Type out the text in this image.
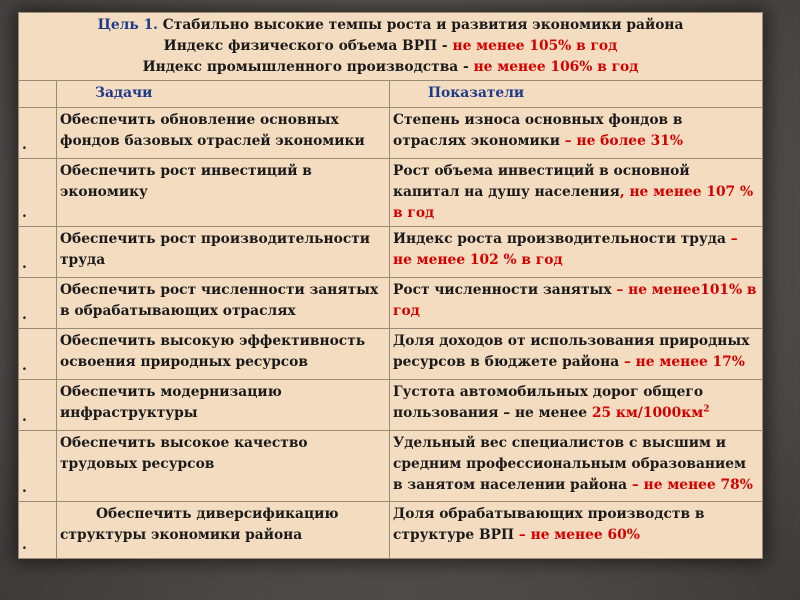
Цель 1. Стабильно высокие темпы роста и развития экономики района
Индекс физического объема ВРП - не менее 105% в год
Индекс промышленного производства - не менее 106% в год		

	Задачи	Показатели
.	Обеспечить обновление основных фондов базовых отраслей экономики	Степень износа основных фондов в отраслях экономики – не более 31%
.	Обеспечить рост инвестиций в экономику	Рост объема инвестиций в основной капитал на душу населения, не менее 107 % в год
.	Обеспечить рост производительности труда	Индекс роста производительности труда – не менее 102 % в год
.	Обеспечить рост численности занятых в обрабатывающих отраслях	Рост численности занятых – не менее101% в год
.	Обеспечить высокую эффективность освоения природных ресурсов	Доля доходов от использования природных ресурсов в бюджете района – не менее 17%
.	Обеспечить модернизацию инфраструктуры	Густота автомобильных дорог общего пользования – не менее 25 $км/1000км^2$
.	Обеспечить высокое качество трудовых ресурсов	Удельный вес специалистов с высшим и средним профессиональным образованием в занятом населении района – не менее 78%
.	Обеспечить диверсификацию структуры экономики района	Доля обрабатывающих производств в структуре ВРП – не менее 60%
